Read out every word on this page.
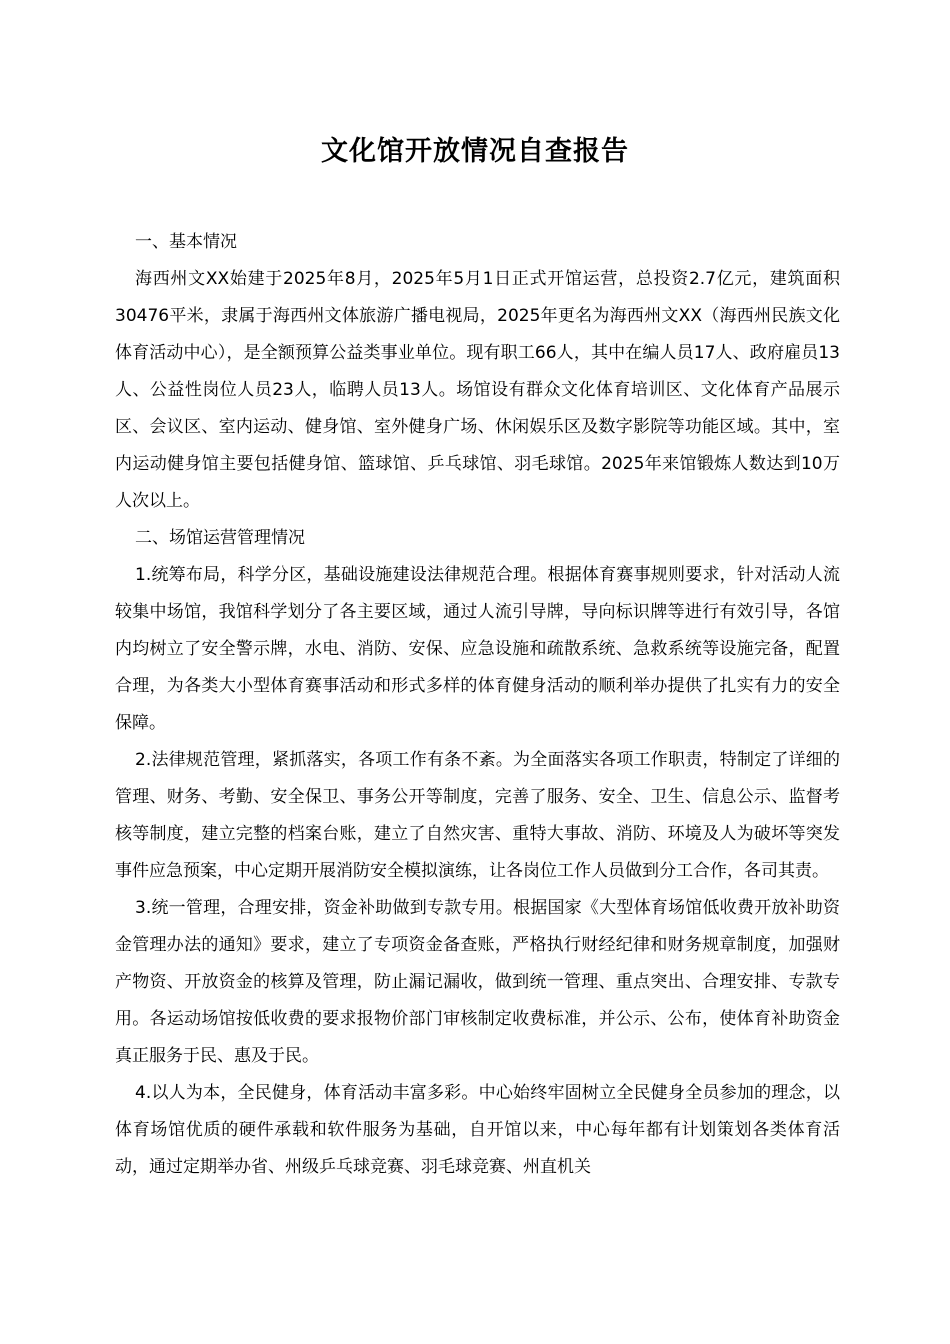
文化馆开放情况自查报告

一、基本情况

海西州文XX始建于2025年8月，2025年5月1日正式开馆运营，总投资2.7亿元，建筑面积30476平米，隶属于海西州文体旅游广播电视局，2025年更名为海西州文XX（海西州民族文化体育活动中心），是全额预算公益类事业单位。现有职工66人，其中在编人员17人、政府雇员13人、公益性岗位人员23人，临聘人员13人。场馆设有群众文化体育培训区、文化体育产品展示区、会议区、室内运动、健身馆、室外健身广场、休闲娱乐区及数字影院等功能区域。其中，室内运动健身馆主要包括健身馆、篮球馆、乒乓球馆、羽毛球馆。2025年来馆锻炼人数达到10万人次以上。

二、场馆运营管理情况

1.统筹布局，科学分区，基础设施建设法律规范合理。根据体育赛事规则要求，针对活动人流较集中场馆，我馆科学划分了各主要区域，通过人流引导牌，导向标识牌等进行有效引导，各馆内均树立了安全警示牌，水电、消防、安保、应急设施和疏散系统、急救系统等设施完备，配置合理，为各类大小型体育赛事活动和形式多样的体育健身活动的顺利举办提供了扎实有力的安全保障。

2.法律规范管理，紧抓落实，各项工作有条不紊。为全面落实各项工作职责，特制定了详细的管理、财务、考勤、安全保卫、事务公开等制度，完善了服务、安全、卫生、信息公示、监督考核等制度，建立完整的档案台账，建立了自然灾害、重特大事故、消防、环境及人为破坏等突发事件应急预案，中心定期开展消防安全模拟演练，让各岗位工作人员做到分工合作，各司其责。

3.统一管理，合理安排，资金补助做到专款专用。根据国家《大型体育场馆低收费开放补助资金管理办法的通知》要求，建立了专项资金备查账，严格执行财经纪律和财务规章制度，加强财产物资、开放资金的核算及管理，防止漏记漏收，做到统一管理、重点突出、合理安排、专款专用。各运动场馆按低收费的要求报物价部门审核制定收费标准，并公示、公布，使体育补助资金真正服务于民、惠及于民。

4.以人为本，全民健身，体育活动丰富多彩。中心始终牢固树立全民健身全员参加的理念，以体育场馆优质的硬件承载和软件服务为基础，自开馆以来，中心每年都有计划策划各类体育活动，通过定期举办省、州级乒乓球竞赛、羽毛球竞赛、州直机关
